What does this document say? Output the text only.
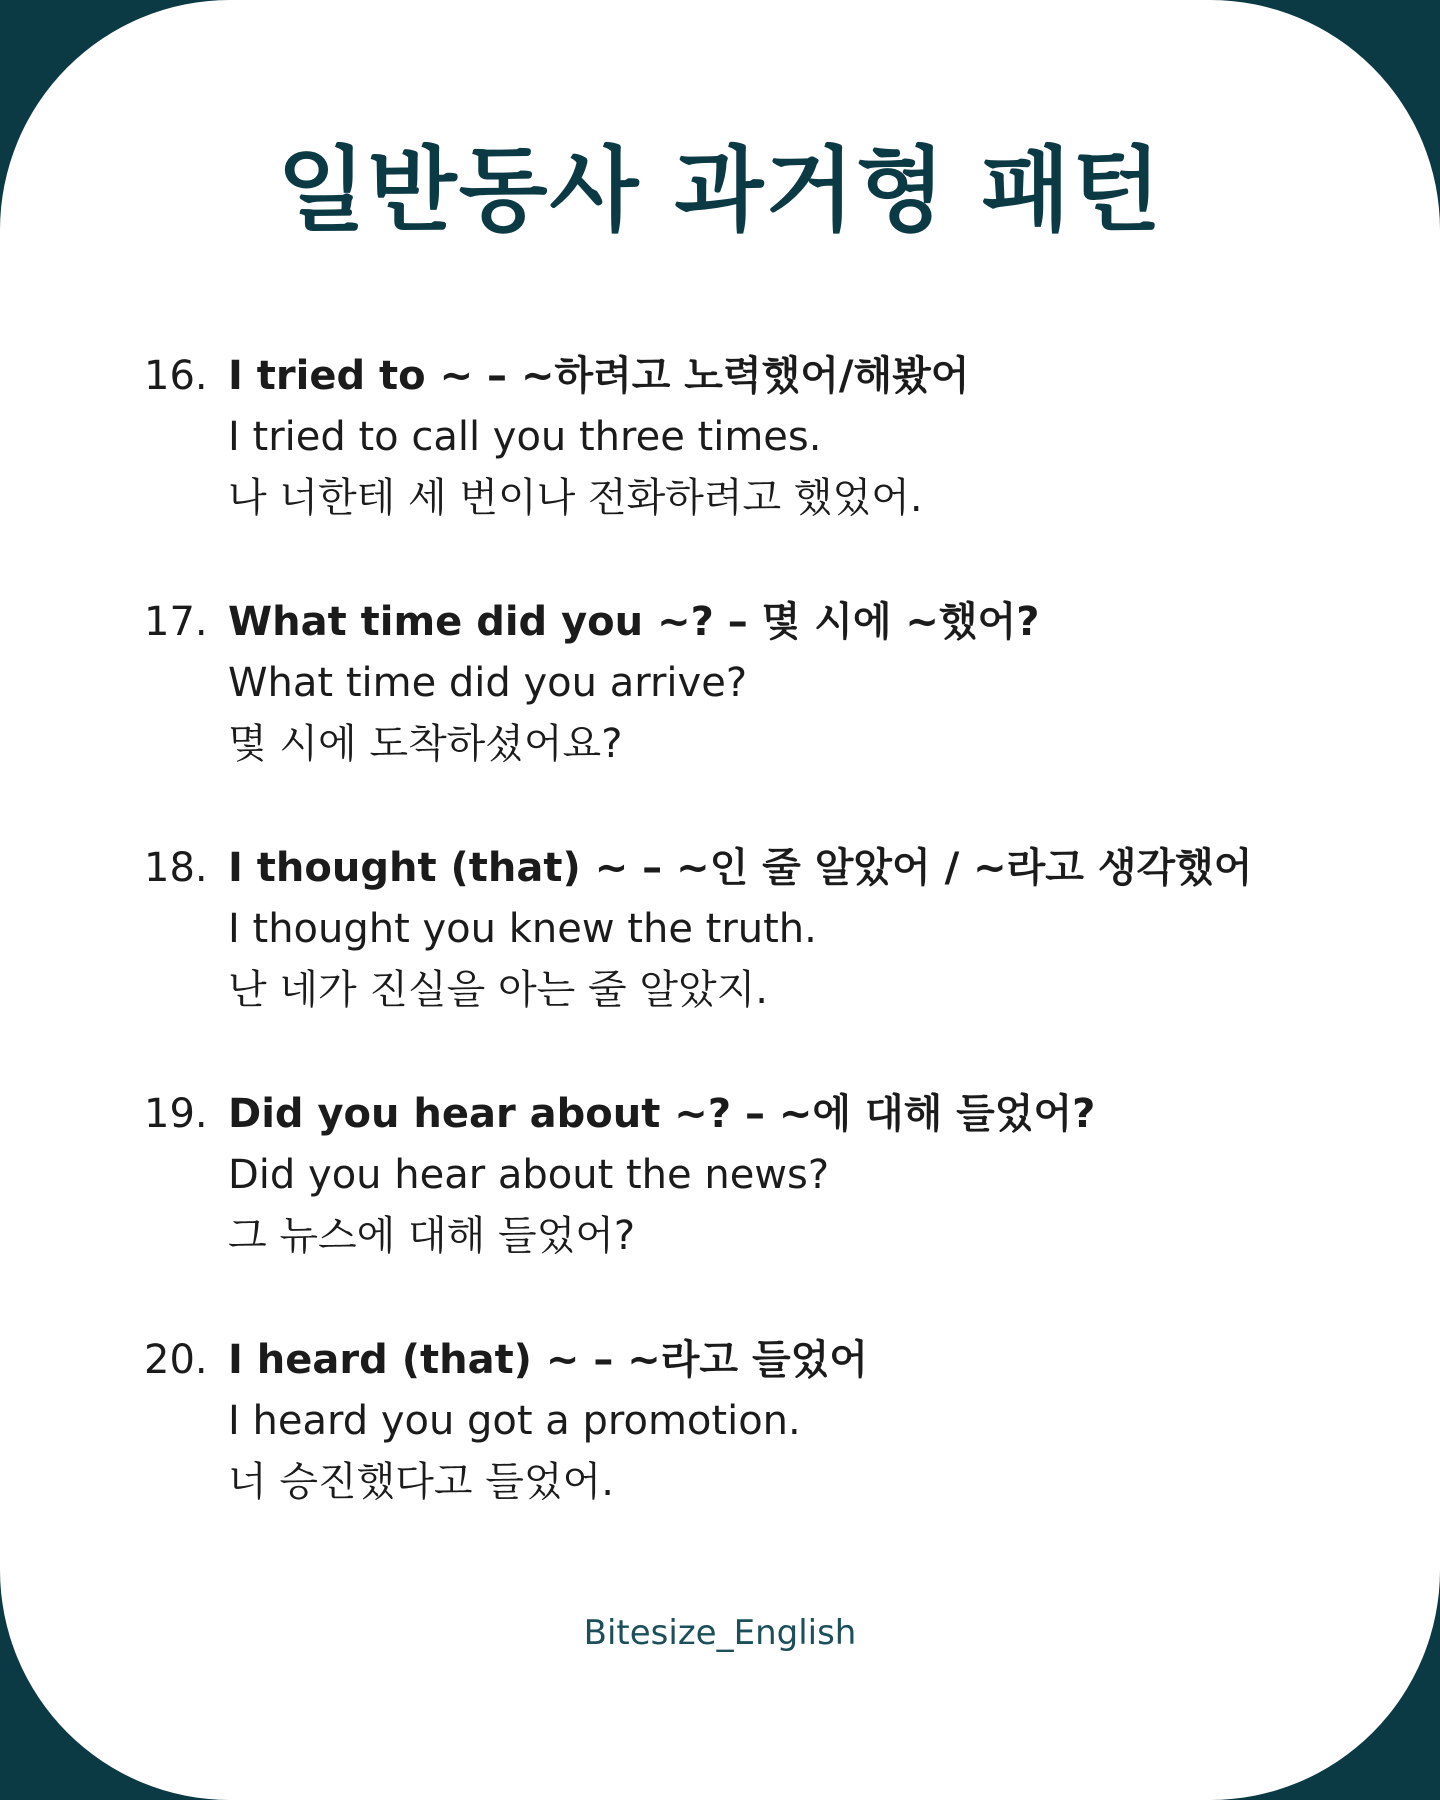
일반동사 과거형 패턴
16. I tried to ~ – ~하려고 노력했어/해봤어
I tried to call you three times.
나 너한테 세 번이나 전화하려고 했었어.
17. What time did you ~? – 몇 시에 ~했어?
What time did you arrive?
몇 시에 도착하셨어요?
18. I thought (that) ~ – ~인 줄 알았어 / ~라고 생각했어
I thought you knew the truth.
난 네가 진실을 아는 줄 알았지.
19. Did you hear about ~? – ~에 대해 들었어?
Did you hear about the news?
그 뉴스에 대해 들었어?
20. I heard (that) ~ – ~라고 들었어
I heard you got a promotion.
너 승진했다고 들었어.
Bitesize_English
